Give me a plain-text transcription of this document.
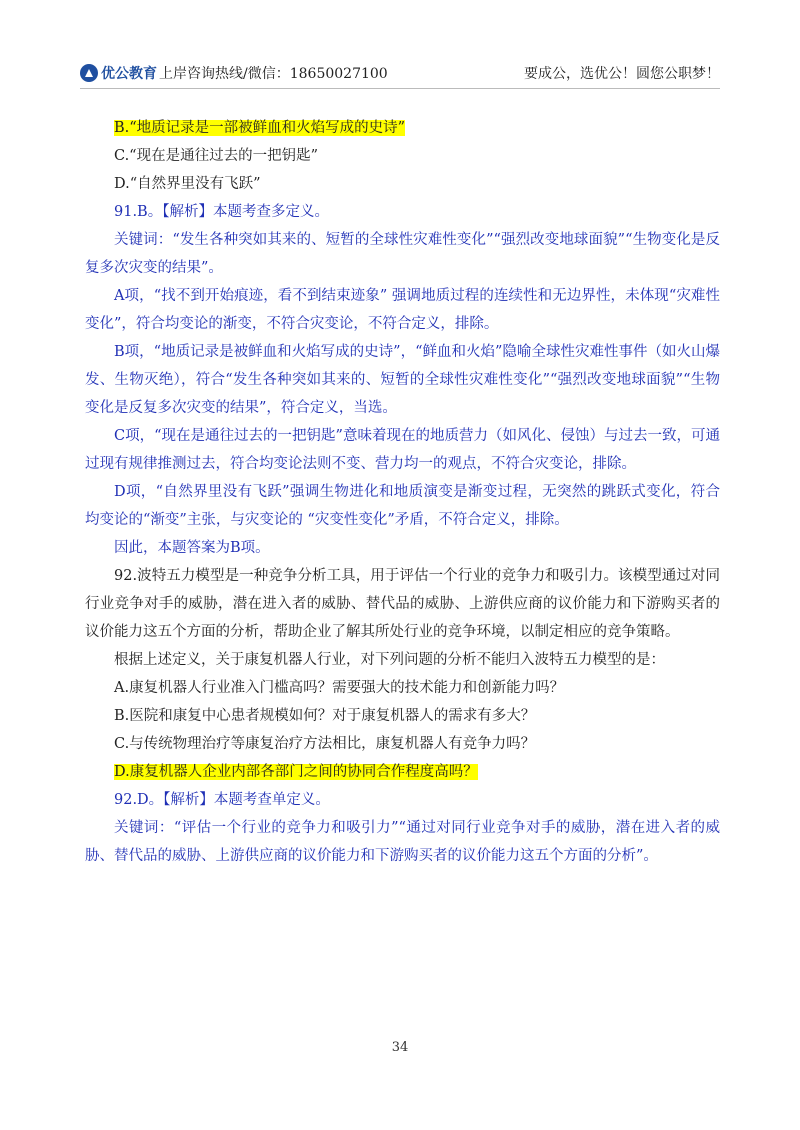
优公教育 上岸咨询热线/微信：18650027100	要成公，选优公！圆您公职梦！

B.“地质记录是一部被鲜血和火焰写成的史诗”

C.“现在是通往过去的一把钥匙”

D.“自然界里没有飞跃”

91.B。【解析】本题考查多定义。

关键词：“发生各种突如其来的、短暂的全球性灾难性变化”“强烈改变地球面貌”“生物变化是反复多次灾变的结果”。

A项，“找不到开始痕迹，看不到结束迹象” 强调地质过程的连续性和无边界性，未体现“灾难性变化”，符合均变论的渐变，不符合灾变论，不符合定义，排除。

B项，“地质记录是被鲜血和火焰写成的史诗”，“鲜血和火焰”隐喻全球性灾难性事件（如火山爆发、生物灭绝），符合“发生各种突如其来的、短暂的全球性灾难性变化”“强烈改变地球面貌”“生物变化是反复多次灾变的结果”，符合定义，当选。

C项，“现在是通往过去的一把钥匙”意味着现在的地质营力（如风化、侵蚀）与过去一致，可通过现有规律推测过去，符合均变论法则不变、营力均一的观点，不符合灾变论，排除。

D项，“自然界里没有飞跃”强调生物进化和地质演变是渐变过程，无突然的跳跃式变化，符合均变论的“渐变”主张，与灾变论的 “灾变性变化”矛盾，不符合定义，排除。

因此，本题答案为B项。

92.波特五力模型是一种竞争分析工具，用于评估一个行业的竞争力和吸引力。该模型通过对同行业竞争对手的威胁，潜在进入者的威胁、替代品的威胁、上游供应商的议价能力和下游购买者的议价能力这五个方面的分析，帮助企业了解其所处行业的竞争环境，以制定相应的竞争策略。

根据上述定义，关于康复机器人行业，对下列问题的分析不能归入波特五力模型的是：

A.康复机器人行业准入门槛高吗？需要强大的技术能力和创新能力吗？

B.医院和康复中心患者规模如何？对于康复机器人的需求有多大？

C.与传统物理治疗等康复治疗方法相比，康复机器人有竞争力吗？

D.康复机器人企业内部各部门之间的协同合作程度高吗？

92.D。【解析】本题考查单定义。

关键词：“评估一个行业的竞争力和吸引力”“通过对同行业竞争对手的威胁，潜在进入者的威胁、替代品的威胁、上游供应商的议价能力和下游购买者的议价能力这五个方面的分析”。

34
